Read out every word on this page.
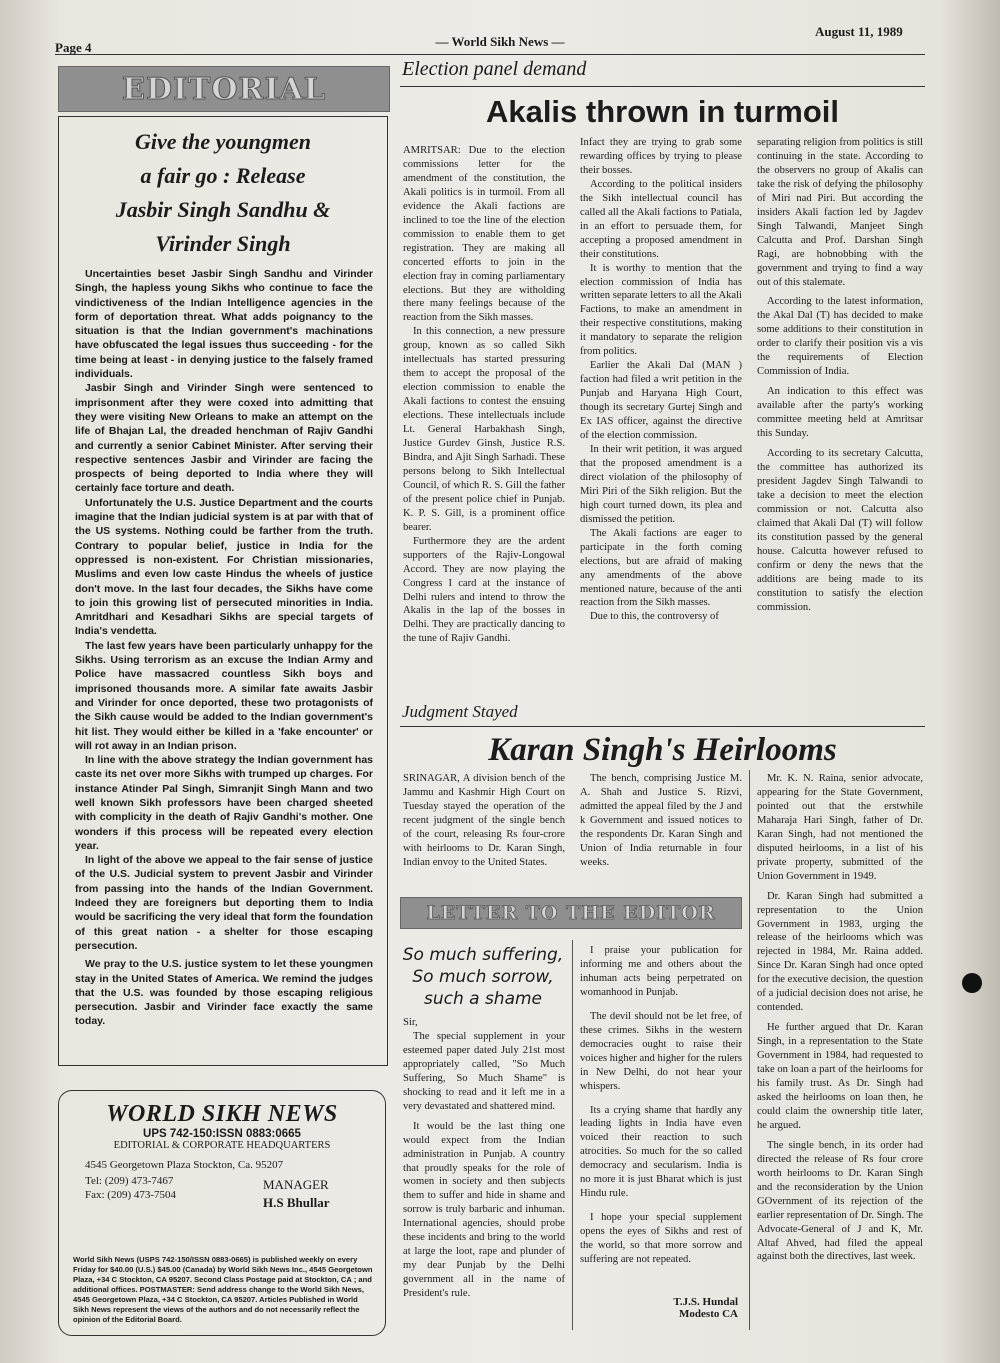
Page 4	— World Sikh News —
August 11, 1989
EDITORIAL
Give the youngmen
a fair go : Release
Jasbir Singh Sandhu &
Virinder Singh

Uncertainties beset Jasbir Singh Sandhu and Virinder Singh, the hapless young Sikhs who continue to face the vindictiveness of the Indian Intelligence agencies in the form of deportation threat. What adds poignancy to the situation is that the Indian government's machinations have obfuscated the legal issues thus succeeding - for the time being at least - in denying justice to the falsely framed individuals.

Jasbir Singh and Virinder Singh were sentenced to imprisonment after they were coxed into admitting that they were visiting New Orleans to make an attempt on the life of Bhajan Lal, the dreaded henchman of Rajiv Gandhi and currently a senior Cabinet Minister. After serving their respective sentences Jasbir and Virinder are facing the prospects of being deported to India where they will certainly face torture and death.

Unfortunately the U.S. Justice Department and the courts imagine that the Indian judicial system is at par with that of the US systems. Nothing could be farther from the truth. Contrary to popular belief, justice in India for the oppressed is non-existent. For Christian missionaries, Muslims and even low caste Hindus the wheels of justice don't move. In the last four decades, the Sikhs have come to join this growing list of persecuted minorities in India. Amritdhari and Kesadhari Sikhs are special targets of India's vendetta.

The last few years have been particularly unhappy for the Sikhs. Using terrorism as an excuse the Indian Army and Police have massacred countless Sikh boys and imprisoned thousands more. A similar fate awaits Jasbir and Virinder for once deported, these two protagonists of the Sikh cause would be added to the Indian government's hit list. They would either be killed in a 'fake encounter' or will rot away in an Indian prison.

In line with the above strategy the Indian government has caste its net over more Sikhs with trumped up charges. For instance Atinder Pal Singh, Simranjit Singh Mann and two well known Sikh professors have been charged sheeted with complicity in the death of Rajiv Gandhi's mother. One wonders if this process will be repeated every election year.

In light of the above we appeal to the fair sense of justice of the U.S. Judicial system to prevent Jasbir and Virinder from passing into the hands of the Indian Government. Indeed they are foreigners but deporting them to India would be sacrificing the very ideal that form the foundation of this great nation - a shelter for those escaping persecution.

We pray to the U.S. justice system to let these youngmen stay in the United States of America. We remind the judges that the U.S. was founded by those escaping religious persecution. Jasbir and Virinder face exactly the same today.

WORLD SIKH NEWS
UPS 742-150:ISSN 0883:0665
EDITORIAL & CORPORATE HEADQUARTERS
4545 Georgetown Plaza Stockton, Ca. 95207
Tel: (209) 473-7467
Fax: (209) 473-7504
MANAGER
H.S Bhullar
World Sikh News (USPS 742-150/ISSN 0883-0665) is published weekly on every Friday for $40.00 (U.S.) $45.00 (Canada) by World Sikh News Inc., 4545 Georgetown Plaza, +34 C Stockton, CA 95207. Second Class Postage paid at Stockton, CA ; and additional offices. POSTMASTER: Send address change to the World Sikh News, 4545 Georgetown Plaza, +34 C Stockton, CA 95207. Articles Published in World Sikh News represent the views of the authors and do not necessarily reflect the opinion of the Editorial Board.
Election panel demand
Akalis thrown in turmoil

AMRITSAR: Due to the election commissions letter for the amendment of the constitution, the Akali politics is in turmoil. From all evidence the Akali factions are inclined to toe the line of the election commission to enable them to get registration. They are making all concerted efforts to join in the election fray in coming parliamentary elections. But they are witholding there many feelings because of the reaction from the Sikh masses.

In this connection, a new pressure group, known as so called Sikh intellectuals has started pressuring them to accept the proposal of the election commission to enable the Akali factions to contest the ensuing elections. These intellectuals include Lt. General Harbakhash Singh, Justice Gurdev Ginsh, Justice R.S. Bindra, and Ajit Singh Sarhadi. These persons belong to Sikh Intellectual Council, of which R. S. Gill the father of the present police chief in Punjab. K. P. S. Gill, is a prominent office bearer.

Furthermore they are the ardent supporters of the Rajiv-Longowal Accord. They are now playing the Congress I card at the instance of Delhi rulers and intend to throw the Akalis in the lap of the bosses in Delhi. They are practically dancing to the tune of Rajiv Gandhi.

Infact they are trying to grab some rewarding offices by trying to please their bosses.

According to the political insiders the Sikh intellectual council has called all the Akali factions to Patiala, in an effort to persuade them, for accepting a proposed amendment in their constitutions.

It is worthy to mention that the election commission of India has written separate letters to all the Akali Factions, to make an amendment in their respective constitutions, making it mandatory to separate the religion from politics.

Earlier the Akali Dal (MAN ) faction had filed a writ petition in the Punjab and Haryana High Court, though its secretary Gurtej Singh and Ex IAS officer, against the directive of the election commission.

In their writ petition, it was argued that the proposed amendment is a direct violation of the philosophy of Miri Piri of the Sikh religion. But the high court turned down, its plea and dismissed the petition.

The Akali factions are eager to participate in the forth coming elections, but are afraid of making any amendments of the above mentioned nature, because of the anti reaction from the Sikh masses.

Due to this, the controversy of

separating religion from politics is still continuing in the state. According to the observers no group of Akalis can take the risk of defying the philosophy of Miri nad Piri. But according the insiders Akali faction led by Jagdev Singh Talwandi, Manjeet Singh Calcutta and Prof. Darshan Singh Ragi, are hobnobbing with the government and trying to find a way out of this stalemate.

According to the latest information, the Akal Dal (T) has decided to make some additions to their constitution in order to clarify their position vis a vis the requirements of Election Commission of India.

An indication to this effect was available after the party's working committee meeting held at Amritsar this Sunday.

According to its secretary Calcutta, the committee has authorized its president Jagdev Singh Talwandi to take a decision to meet the election commission or not. Calcutta also claimed that Akali Dal (T) will follow its constitution passed by the general house. Calcutta however refused to confirm or deny the news that the additions are being made to its constitution to satisfy the election commission.

Judgment Stayed
Karan Singh's Heirlooms

SRINAGAR, A division bench of the Jammu and Kashmir High Court on Tuesday stayed the operation of the recent judgment of the single bench of the court, releasing Rs four-crore with heirlooms to Dr. Karan Singh, Indian envoy to the United States.

The bench, comprising Justice M. A. Shah and Justice S. Rizvi, admitted the appeal filed by the J and k Government and issued notices to the respondents Dr. Karan Singh and Union of India returnable in four weeks.

Mr. K. N. Raina, senior advocate, appearing for the State Government, pointed out that the erstwhile Maharaja Hari Singh, father of Dr. Karan Singh, had not mentioned the disputed heirlooms, in a list of his private property, submitted of the Union Government in 1949.

Dr. Karan Singh had submitted a representation to the Union Government in 1983, urging the release of the heirlooms which was rejected in 1984, Mr. Raina added. Since Dr. Karan Singh had once opted for the executive decision, the question of a judicial decision does not arise, he contended.

He further argued that Dr. Karan Singh, in a representation to the State Government in 1984, had requested to take on loan a part of the heirlooms for his family trust. As Dr. Singh had asked the heirlooms on loan then, he could claim the ownership title later, he argued.

The single bench, in its order had directed the release of Rs four crore worth heirlooms to Dr. Karan Singh and the reconsideration by the Union GOvernment of its rejection of the earlier representation of Dr. Singh. The Advocate-General of J and K, Mr. Altaf Ahved, had filed the appeal against both the directives, last week.

LETTER TO THE EDITOR
So much suffering,
So much sorrow,
such a shame

Sir,

The special supplement in your esteemed paper dated July 21st most appropriately called, "So Much Suffering, So Much Shame" is shocking to read and it left me in a very devastated and shattered mind.

It would be the last thing one would expect from the Indian administration in Punjab. A country that proudly speaks for the role of women in society and then subjects them to suffer and hide in shame and sorrow is truly barbaric and inhuman. International agencies, should probe these incidents and bring to the world at large the loot, rape and plunder of my dear Punjab by the Delhi government all in the name of President's rule.

I praise your publication for informing me and others about the inhuman acts being perpetrated on womanhood in Punjab.

The devil should not be let free, of these crimes. Sikhs in the western democracies ought to raise their voices higher and higher for the rulers in New Delhi, do not hear your whispers.

Its a crying shame that hardly any leading lights in India have even voiced their reaction to such atrocities. So much for the so called democracy and secularism. India is no more it is just Bharat which is just Hindu rule.

I hope your special supplement opens the eyes of Sikhs and rest of the world, so that more sorrow and suffering are not repeated.

T.J.S. Hundal
Modesto CA
